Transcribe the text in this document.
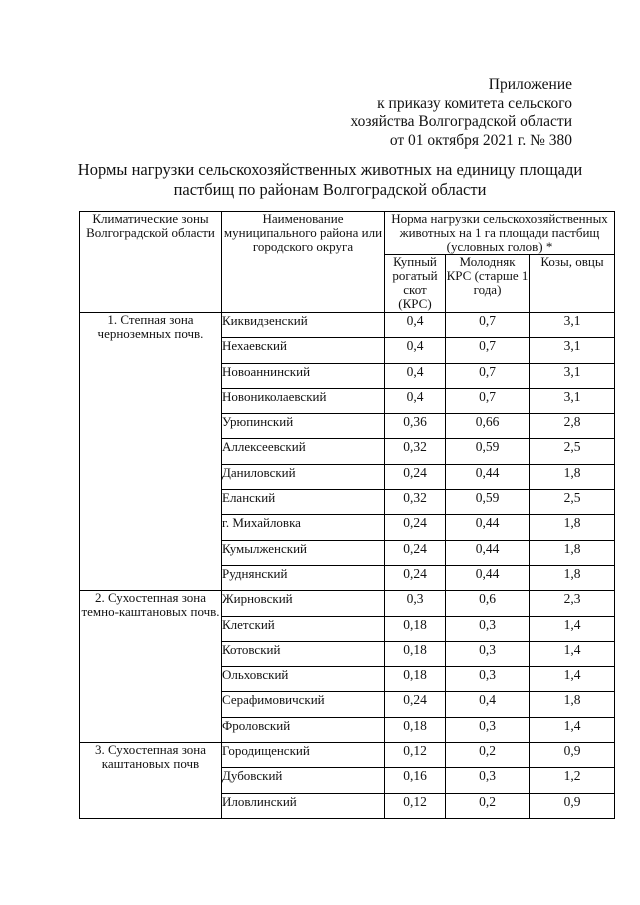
Приложение
к приказу комитета сельского
хозяйства Волгоградской области
от 01 октября 2021 г. № 380
Нормы нагрузки сельскохозяйственных животных на единицу площади
пастбищ по районам Волгоградской области
Климатические зоны Волгоградской области	Наименование муниципального района или городского округа	Норма нагрузки сельскохозяйственных животных на 1 га площади пастбищ (условных голов) *		
		Купный рогатый скот (КРС)	Молодняк КРС (старше 1 года)	Козы, овцы
1. Степная зона черноземных почв.	Киквидзенский	0,4	0,7	3,1
	Нехаевский	0,4	0,7	3,1
	Новоаннинский	0,4	0,7	3,1
	Новониколаевский	0,4	0,7	3,1
	Урюпинский	0,36	0,66	2,8
	Аллексеевский	0,32	0,59	2,5
	Даниловский	0,24	0,44	1,8
	Еланский	0,32	0,59	2,5
	г. Михайловка	0,24	0,44	1,8
	Кумылженский	0,24	0,44	1,8
	Руднянский	0,24	0,44	1,8
2. Сухостепная зона темно-каштановых почв.	Жирновский	0,3	0,6	2,3
	Клетский	0,18	0,3	1,4
	Котовский	0,18	0,3	1,4
	Ольховский	0,18	0,3	1,4
	Серафимовичский	0,24	0,4	1,8
	Фроловский	0,18	0,3	1,4
3. Сухостепная зона каштановых почв	Городищенский	0,12	0,2	0,9
	Дубовский	0,16	0,3	1,2
	Иловлинский	0,12	0,2	0,9
